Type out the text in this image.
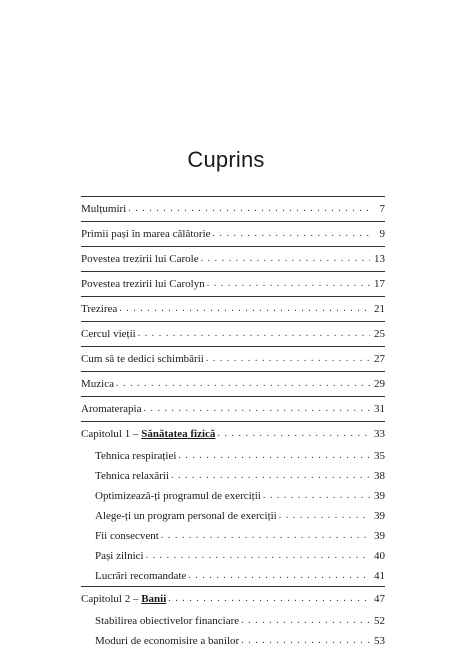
Cuprins
Mulțumiri . . .	7
Primii pași în marea călătorie . . .	9
Povestea trezirii lui Carole . . .	13
Povestea trezirii lui Carolyn . . .	17
Trezirea . . .	21
Cercul vieții . . .	25
Cum să te dedici schimbării . . .	27
Muzica . . .	29
Aromaterapia . . .	31
Capitolul 1 – Sănătatea fizică . . .	33
Tehnica respirației . . .	35
Tehnica relaxării . . .	38
Optimizează-ți programul de exerciții . . .	39
Alege-ți un program personal de exerciții . . .	39
Fii consecvent . . .	39
Pași zilnici . . .	40
Lucrări recomandate . . .	41
Capitolul 2 – Banii . . .	47
Stabilirea obiectivelor financiare . . .	52
Moduri de economisire a banilor . . .	53
